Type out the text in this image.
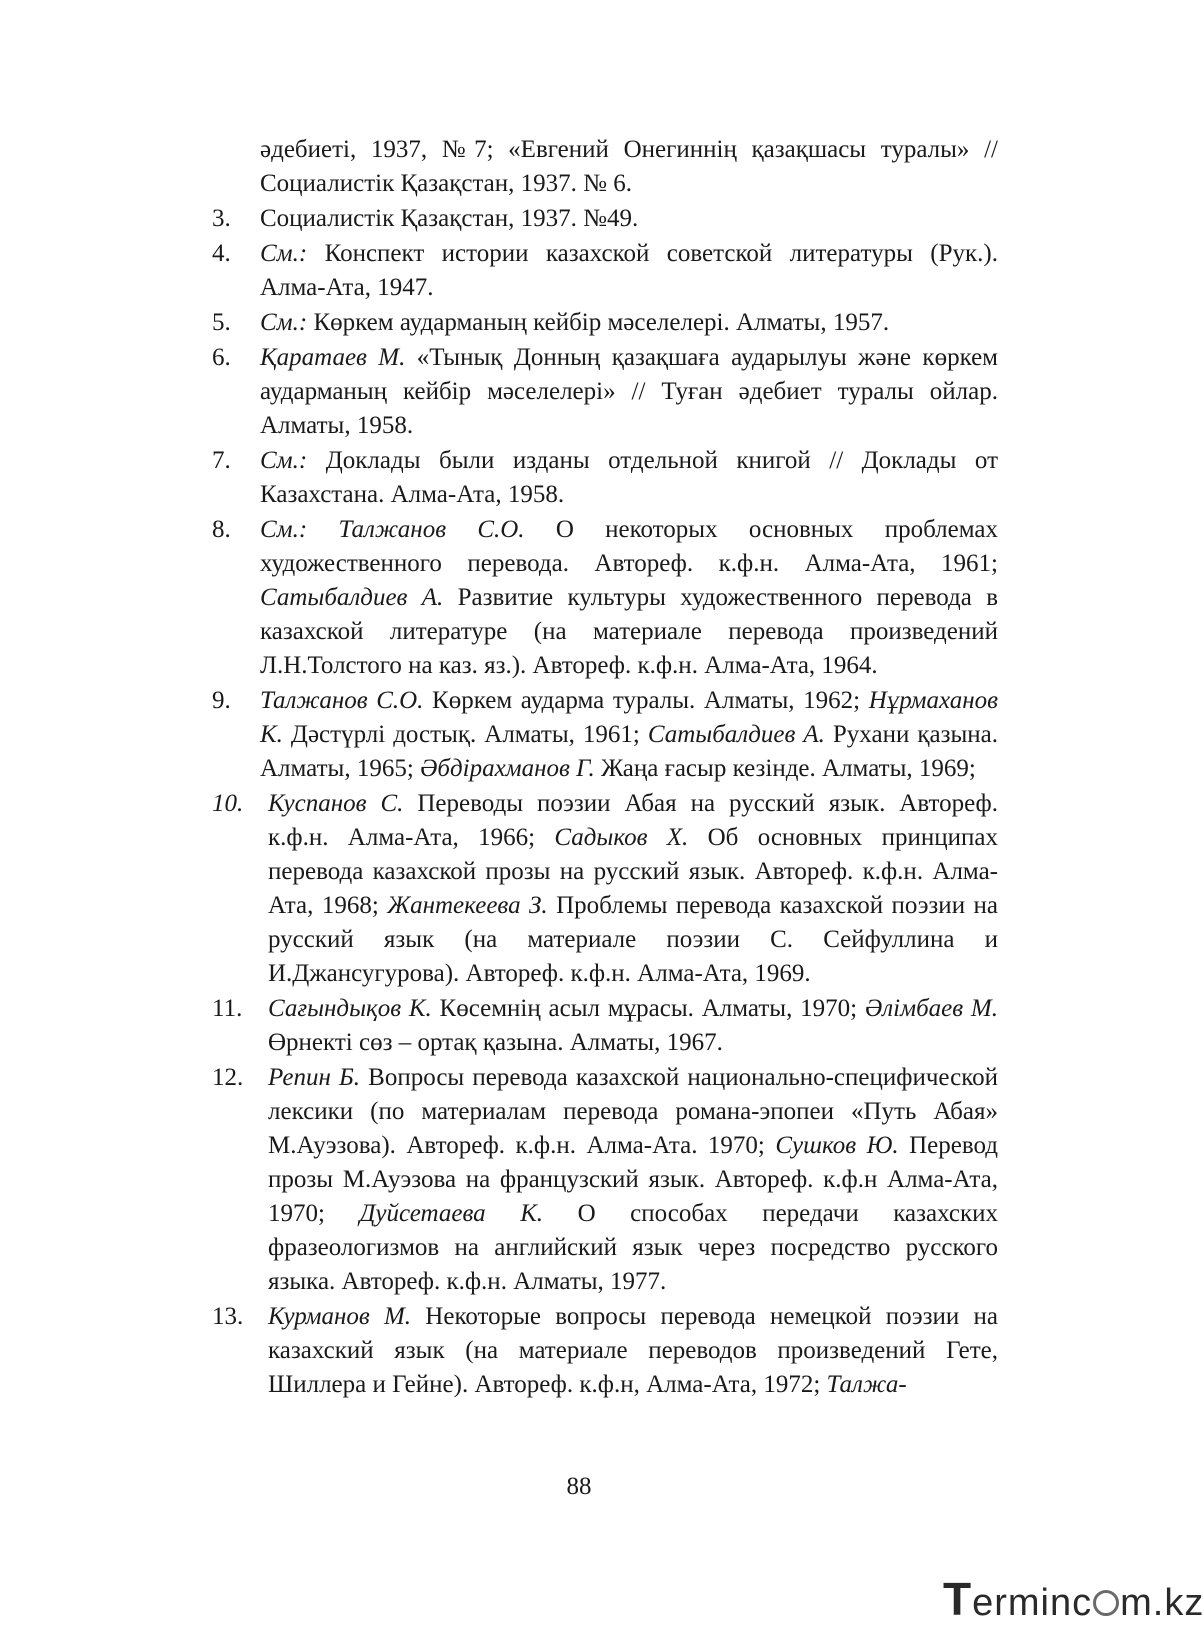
әдебиеті, 1937, №7; «Евгений Онегиннің қазақшасы туралы» // Социалистік Қазақстан, 1937. № 6.
3. Социалистік Қазақстан, 1937. №49.
4. См.: Конспект истории казахской советской литературы (Рук.). Алма-Ата, 1947.
5. См.: Көркем аударманың кейбір мәселелері. Алматы, 1957.
6. Қаратаев М. «Тынық Донның қазақшаға аударылуы және көркем аударманың кейбір мәселелері» // Туған әдебиет туралы ойлар. Алматы, 1958.
7. См.: Доклады были изданы отдельной книгой // Доклады от Казахстана. Алма-Ата, 1958.
8. См.: Талжанов С.О. О некоторых основных проблемах художественного перевода. Автореф. к.ф.н. Алма-Ата, 1961; Сатыбалдиев А. Развитие культуры художественного перевода в казахской литературе (на материале перевода произведений Л.Н.Толстого на каз. яз.). Автореф. к.ф.н. Алма-Ата, 1964.
9. Талжанов С.О. Көркем аударма туралы. Алматы, 1962; Нұрмаханов К. Дәстүрлі достық. Алматы, 1961; Сатыбалдиев А. Рухани қазына. Алматы, 1965; Әбдірахманов Г. Жаңа ғасыр кезінде. Алматы, 1969;
10. Куспанов С. Переводы поэзии Абая на русский язык. Автореф. к.ф.н. Алма-Ата, 1966; Садыков Х. Об основных принципах перевода казахской прозы на русский язык. Автореф. к.ф.н. Алма-Ата, 1968; Жантекеева З. Проблемы перевода казахской поэзии на русский язык (на материале поэзии С. Сейфуллина и И.Джансугурова). Автореф. к.ф.н. Алма-Ата, 1969.
11. Сағындықов К. Көсемнің асыл мұрасы. Алматы, 1970; Әлімбаев М. Өрнекті сөз – ортақ қазына. Алматы, 1967.
12. Репин Б. Вопросы перевода казахской национально-специфической лексики (по материалам перевода романа-эпопеи «Путь Абая» М.Ауэзова). Автореф. к.ф.н. Алма-Ата. 1970; Сушков Ю. Перевод прозы М.Ауэзова на французский язык. Автореф. к.ф.н Алма-Ата, 1970; Дуйсетаева К. О способах передачи казахских фразеологизмов на английский язык через посредство русского языка. Автореф. к.ф.н. Алматы, 1977.
13. Курманов М. Некоторые вопросы перевода немецкой поэзии на казахский язык (на материале переводов произведений Гете, Шиллера и Гейне). Автореф. к.ф.н, Алма-Ата, 1972; Талжа-
88
Terminc m.kz
